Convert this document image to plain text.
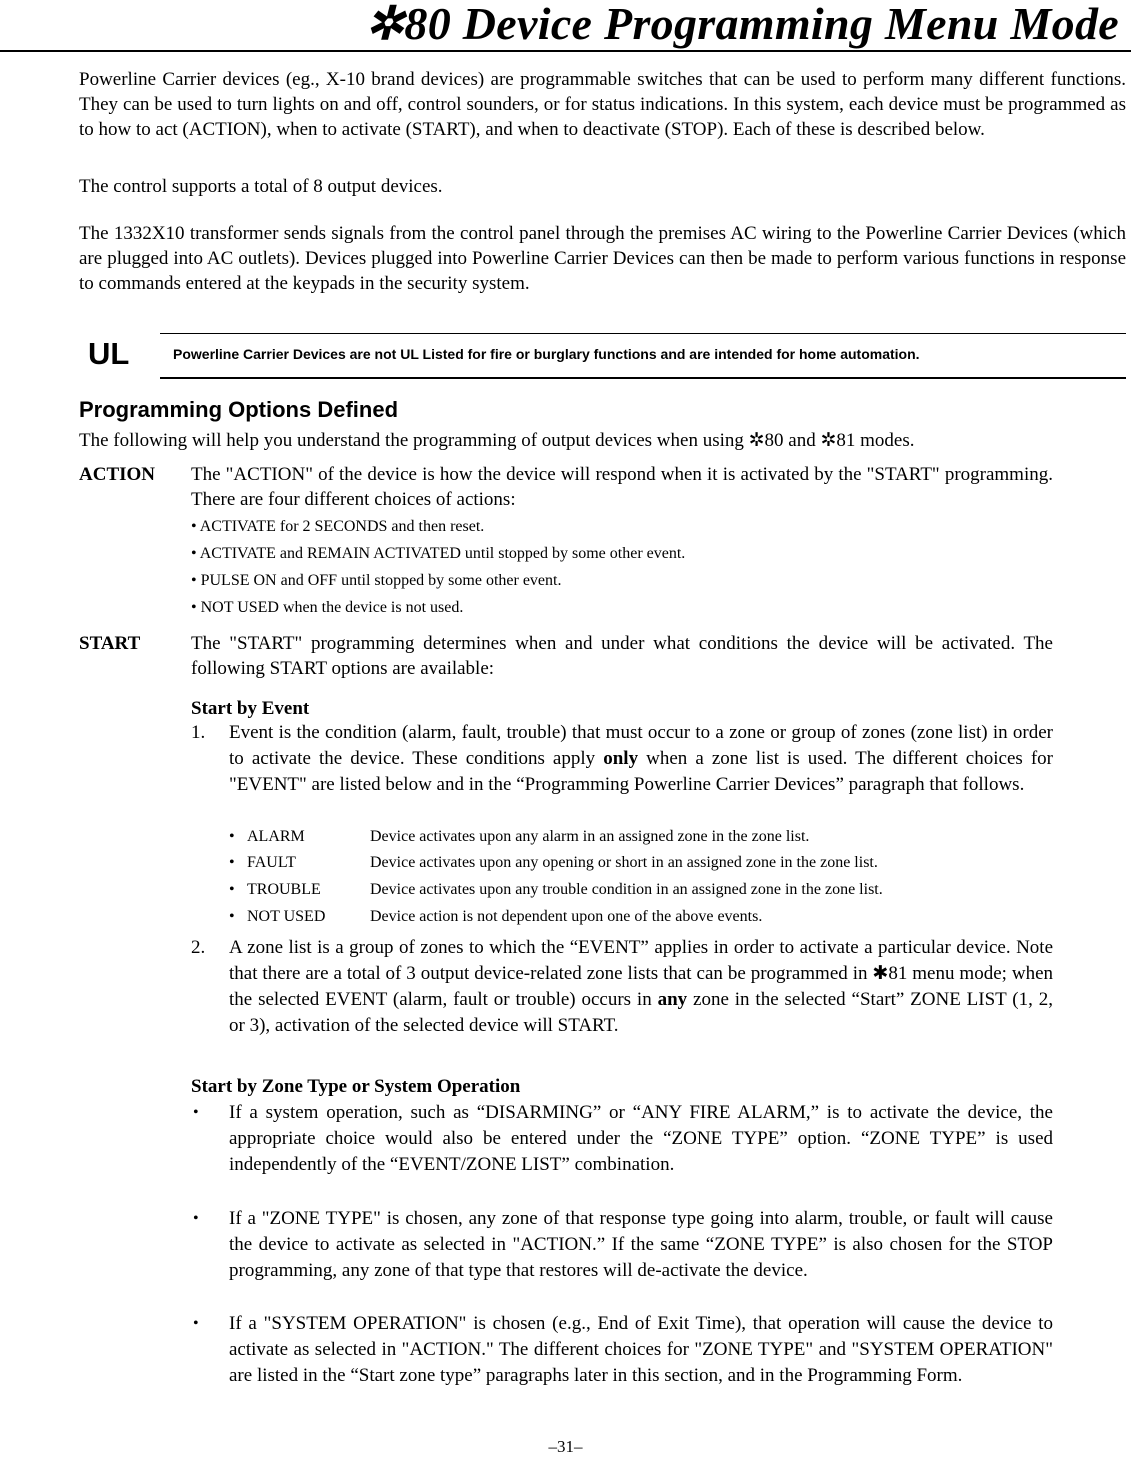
✲80 Device Programming Menu Mode

Powerline Carrier devices (eg., X-10 brand devices) are programmable switches that can be used to perform many different functions. They can be used to turn lights on and off, control sounders, or for status indications. In this system, each device must be programmed as to how to act (ACTION), when to activate (START), and when to deactivate (STOP). Each of these is described below.

The control supports a total of 8 output devices.

The 1332X10 transformer sends signals from the control panel through the premises AC wiring to the Powerline Carrier Devices (which are plugged into AC outlets). Devices plugged into Powerline Carrier Devices can then be made to perform various functions in response to commands entered at the keypads in the security system.

UL	Powerline Carrier Devices are not UL Listed for fire or burglary functions and are intended for home automation.

Programming Options Defined

The following will help you understand the programming of output devices when using ✲80 and ✲81 modes.

ACTION The "ACTION" of the device is how the device will respond when it is activated by the "START" programming. There are four different choices of actions:

• ACTIVATE for 2 SECONDS and then reset.

• ACTIVATE and REMAIN ACTIVATED until stopped by some other event.

• PULSE ON and OFF until stopped by some other event.

• NOT USED when the device is not used.

START	The "START" programming determines when and under what conditions the device will be activated. The following START options are available:

Start by Event

1. Event is the condition (alarm, fault, trouble) that must occur to a zone or group of zones (zone list) in order to activate the device. These conditions apply only when a zone list is used. The different choices for "EVENT" are listed below and in the “Programming Powerline Carrier Devices” paragraph that follows.

• ALARM	Device activates upon any alarm in an assigned zone in the zone list.

• FAULT	Device activates upon any opening or short in an assigned zone in the zone list.

• TROUBLE	Device activates upon any trouble condition in an assigned zone in the zone list.

• NOT USED	Device action is not dependent upon one of the above events.

2. A zone list is a group of zones to which the “EVENT” applies in order to activate a particular device. Note that there are a total of 3 output device-related zone lists that can be programmed in ✱81 menu mode; when the selected EVENT (alarm, fault or trouble) occurs in any zone in the selected “Start” ZONE LIST (1, 2, or 3), activation of the selected device will START.

Start by Zone Type or System Operation

• If a system operation, such as “DISARMING” or “ANY FIRE ALARM,” is to activate the device, the appropriate choice would also be entered under the “ZONE TYPE” option. “ZONE TYPE” is used independently of the “EVENT/ZONE LIST” combination.

• If a "ZONE TYPE" is chosen, any zone of that response type going into alarm, trouble, or fault will cause the device to activate as selected in "ACTION.” If the same “ZONE TYPE” is also chosen for the STOP programming, any zone of that type that restores will de-activate the device.

• If a "SYSTEM OPERATION" is chosen (e.g., End of Exit Time), that operation will cause the device to activate as selected in "ACTION." The different choices for "ZONE TYPE" and "SYSTEM OPERATION" are listed in the “Start zone type” paragraphs later in this section, and in the Programming Form.

–31–
